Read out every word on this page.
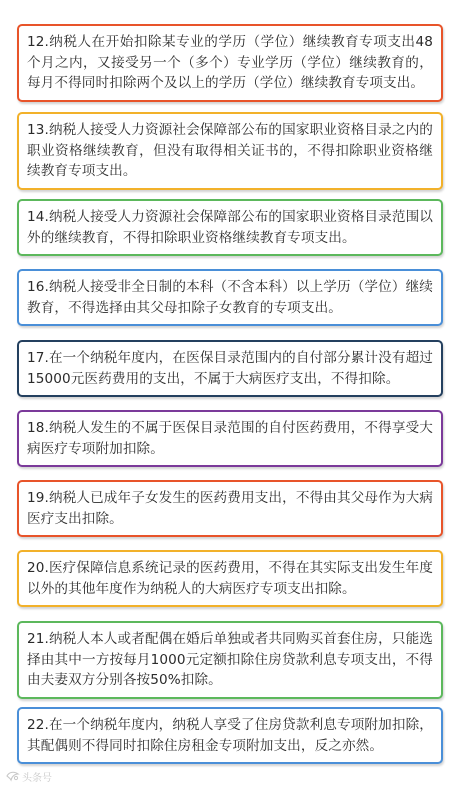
12.纳税人在开始扣除某专业的学历（学位）继续教育专项支出48个月之内，又接受另一个（多个）专业学历（学位）继续教育的，每月不得同时扣除两个及以上的学历（学位）继续教育专项支出。
13.纳税人接受人力资源社会保障部公布的国家职业资格目录之内的职业资格继续教育，但没有取得相关证书的，不得扣除职业资格继续教育专项支出。
14.纳税人接受人力资源社会保障部公布的国家职业资格目录范围以外的继续教育，不得扣除职业资格继续教育专项支出。
16.纳税人接受非全日制的本科（不含本科）以上学历（学位）继续教育，不得选择由其父母扣除子女教育的专项支出。
17.在一个纳税年度内，在医保目录范围内的自付部分累计没有超过15000元医药费用的支出，不属于大病医疗支出，不得扣除。
18.纳税人发生的不属于医保目录范围的自付医药费用，不得享受大病医疗专项附加扣除。
19.纳税人已成年子女发生的医药费用支出，不得由其父母作为大病医疗支出扣除。
20.医疗保障信息系统记录的医药费用，不得在其实际支出发生年度以外的其他年度作为纳税人的大病医疗专项支出扣除。
21.纳税人本人或者配偶在婚后单独或者共同购买首套住房，只能选择由其中一方按每月1000元定额扣除住房贷款利息专项支出，不得由夫妻双方分别各按50%扣除。
22.在一个纳税年度内，纳税人享受了住房贷款利息专项附加扣除，其配偶则不得同时扣除住房租金专项附加支出，反之亦然。
头条号
